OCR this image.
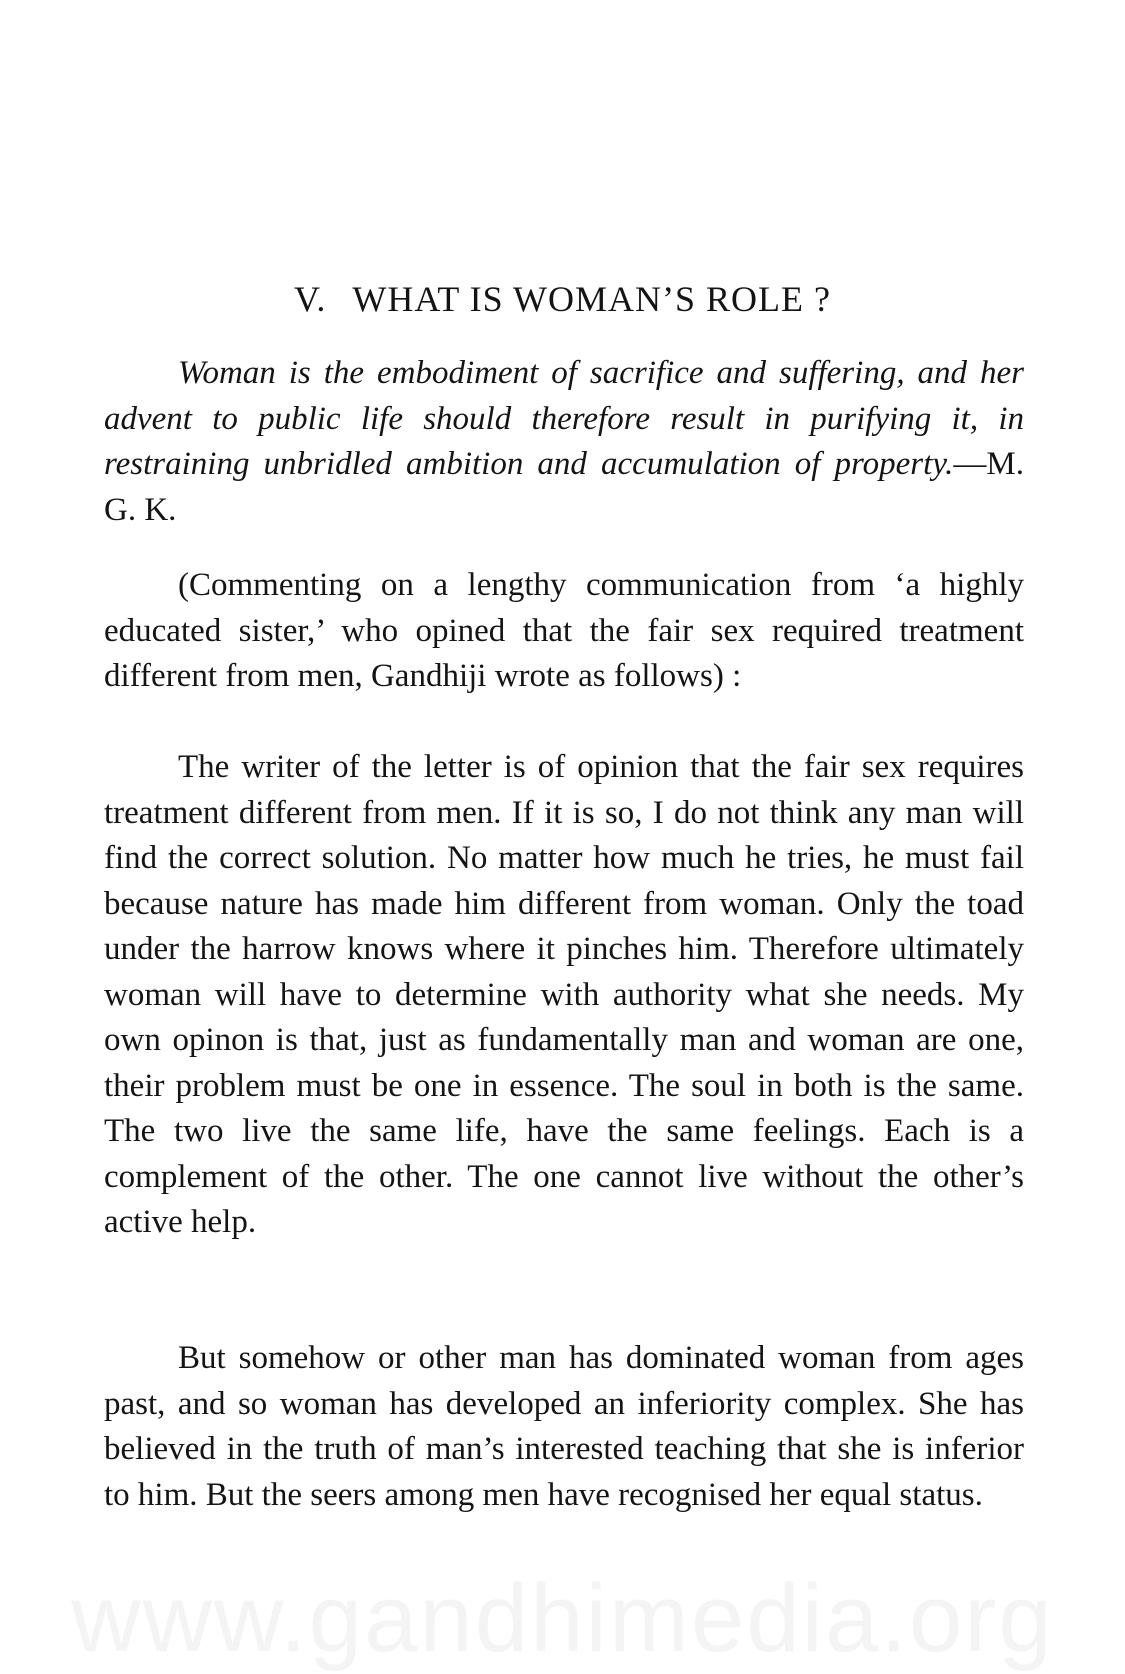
V. WHAT IS WOMAN’S ROLE ?
Woman is the embodiment of sacrifice and suffering, and her advent to public life should therefore result in purifying it, in restraining unbridled ambition and accumulation of property.—M. G. K.
(Commenting on a lengthy communication from ‘a highly educated sister,’ who opined that the fair sex required treatment different from men, Gandhiji wrote as follows) :

The writer of the letter is of opinion that the fair sex requires treatment different from men. If it is so, I do not think any man will find the correct solution. No matter how much he tries, he must fail because nature has made him different from woman. Only the toad under the harrow knows where it pinches him. Therefore ultimately woman will have to determine with authority what she needs. My own opinon is that, just as fundamentally man and woman are one, their problem must be one in essence. The soul in both is the same. The two live the same life, have the same feelings. Each is a complement of the other. The one cannot live without the other’s active help.

But somehow or other man has dominated woman from ages past, and so woman has developed an inferiority complex. She has believed in the truth of man’s interested teaching that she is inferior to him. But the seers among men have recognised her equal status.

www.gandhimedia.org
